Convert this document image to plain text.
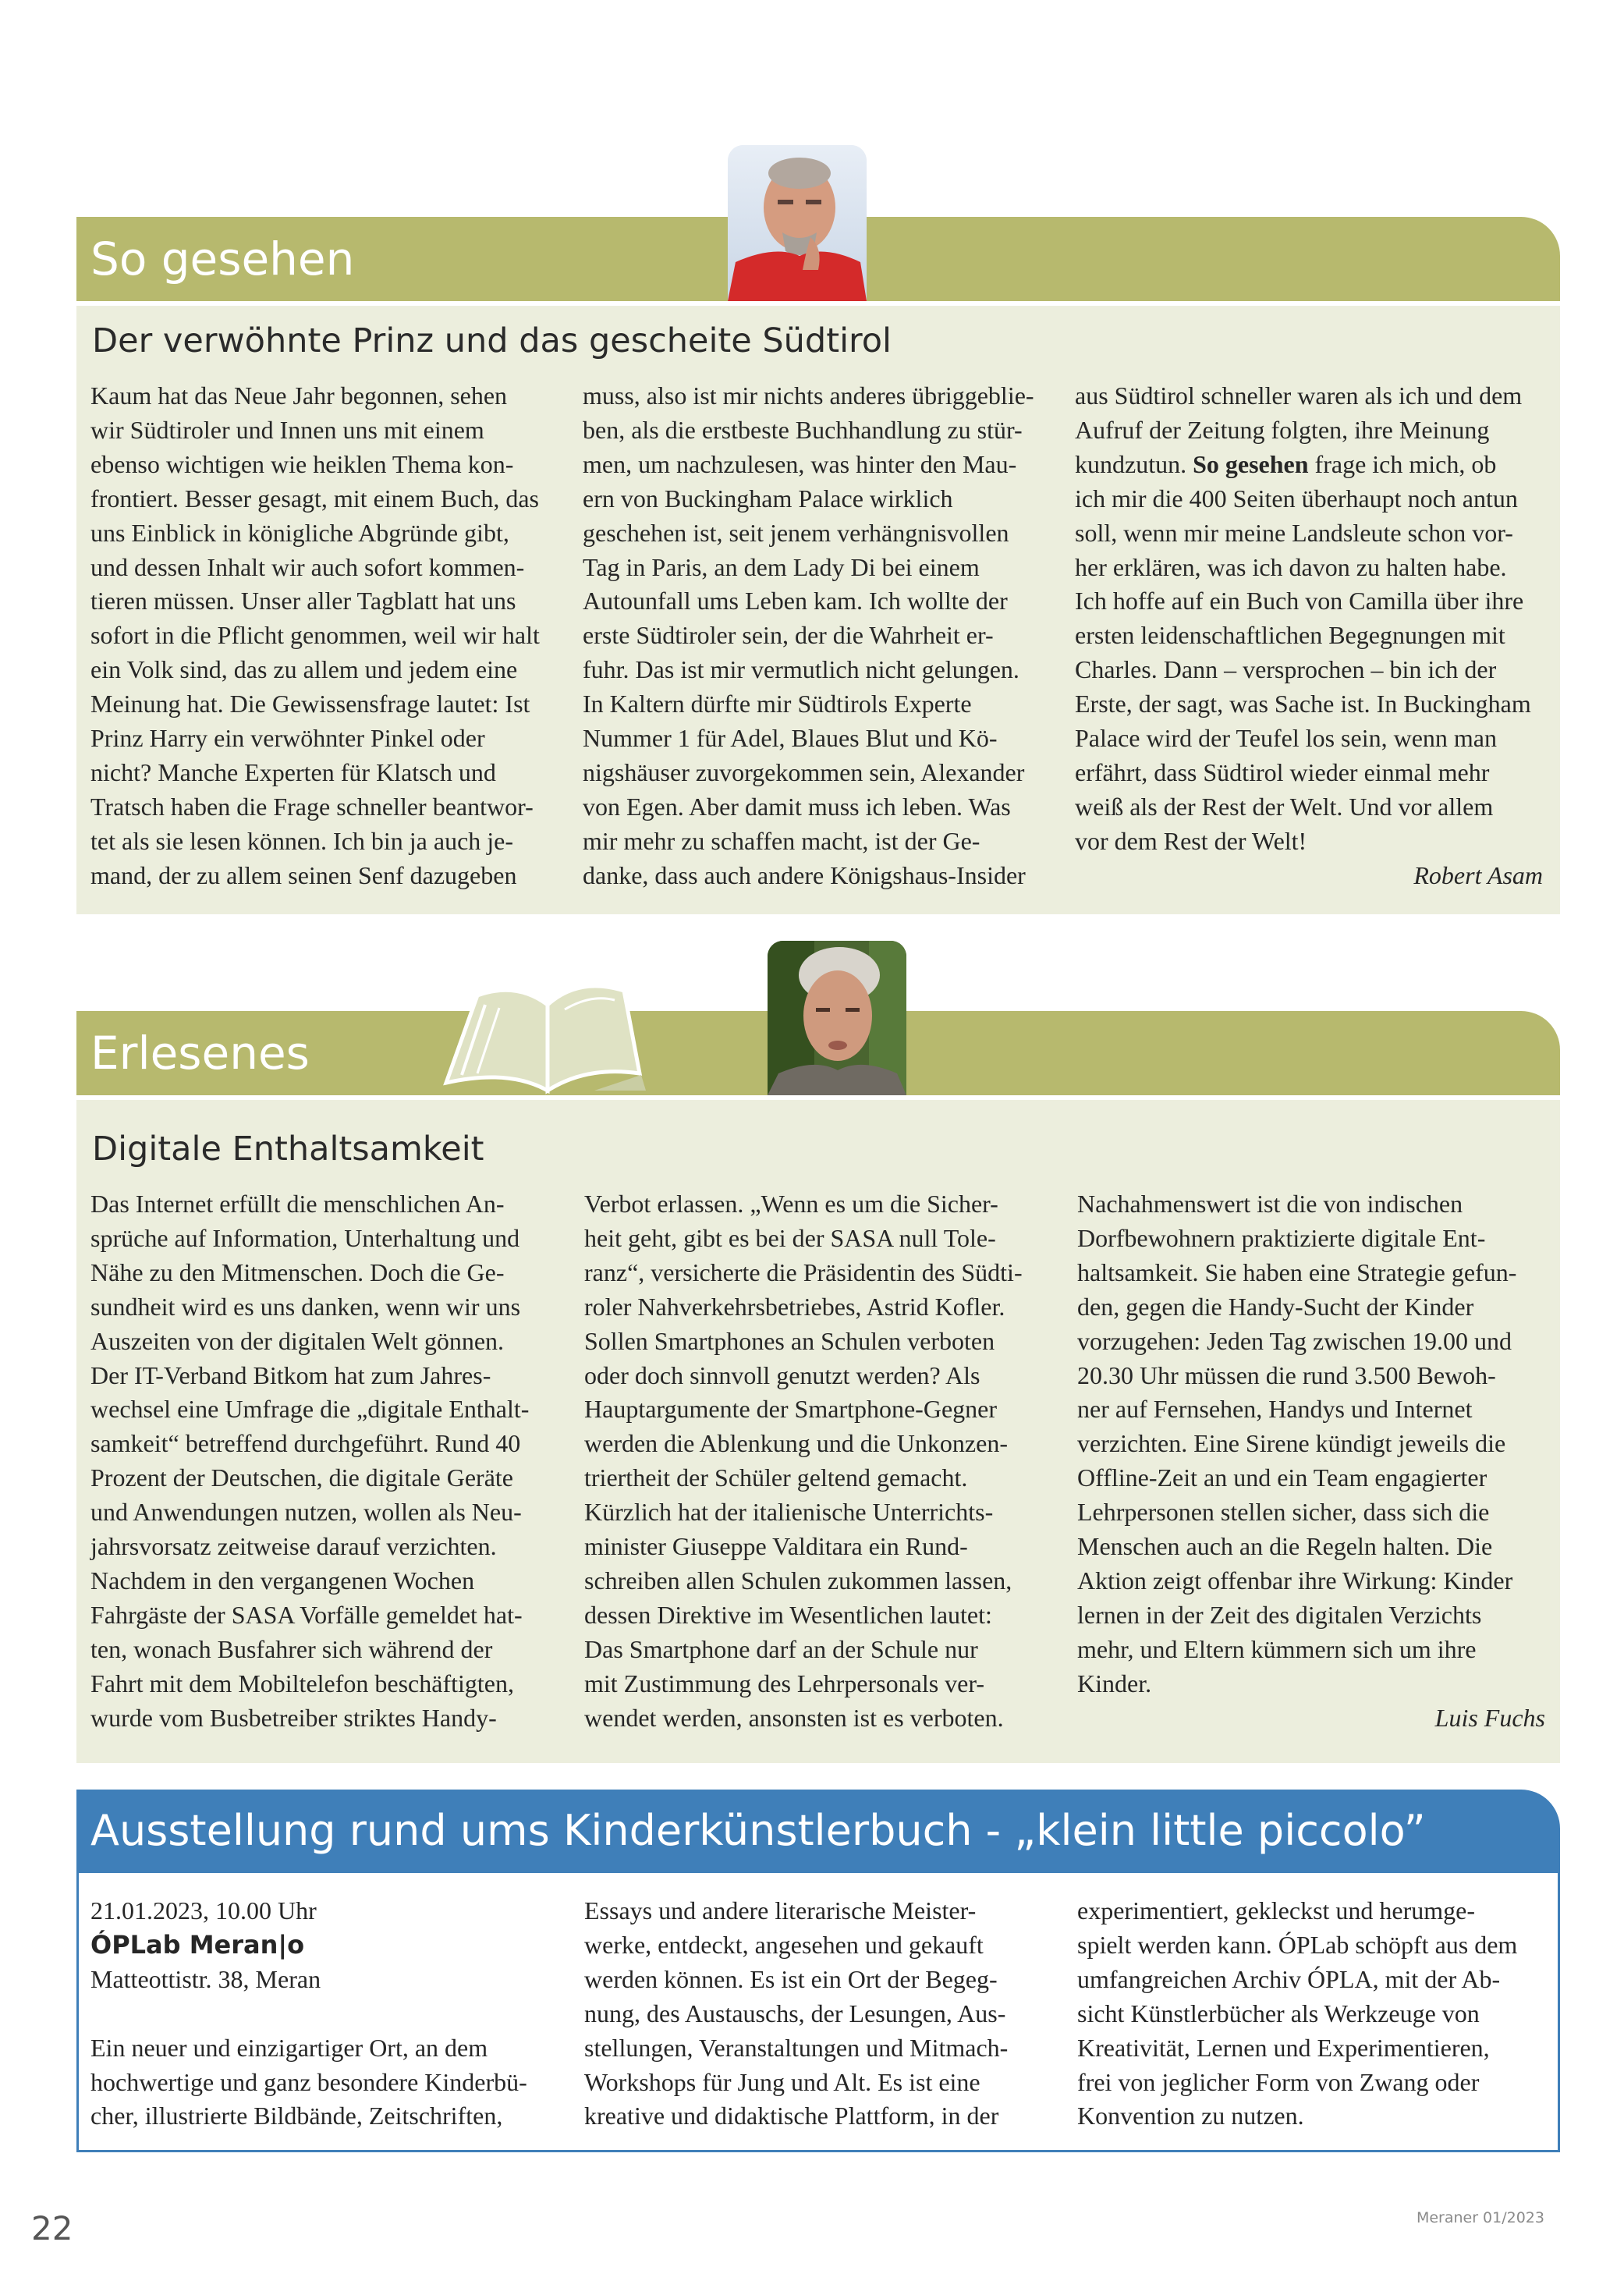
So gesehen
Der verwöhnte Prinz und das gescheite Südtirol
Kaum hat das Neue Jahr begonnen, sehen
wir Südtiroler und Innen uns mit einem
ebenso wichtigen wie heiklen Thema kon-
frontiert. Besser gesagt, mit einem Buch, das
uns Einblick in königliche Abgründe gibt,
und dessen Inhalt wir auch sofort kommen-
tieren müssen. Unser aller Tagblatt hat uns
sofort in die Pflicht genommen, weil wir halt
ein Volk sind, das zu allem und jedem eine
Meinung hat. Die Gewissensfrage lautet: Ist
Prinz Harry ein verwöhnter Pinkel oder
nicht? Manche Experten für Klatsch und
Tratsch haben die Frage schneller beantwor-
tet als sie lesen können. Ich bin ja auch je-
mand, der zu allem seinen Senf dazugeben
muss, also ist mir nichts anderes übriggeblie-
ben, als die erstbeste Buchhandlung zu stür-
men, um nachzulesen, was hinter den Mau-
ern von Buckingham Palace wirklich
geschehen ist, seit jenem verhängnisvollen
Tag in Paris, an dem Lady Di bei einem
Autounfall ums Leben kam. Ich wollte der
erste Südtiroler sein, der die Wahrheit er-
fuhr. Das ist mir vermutlich nicht gelungen.
In Kaltern dürfte mir Südtirols Experte
Nummer 1 für Adel, Blaues Blut und Kö-
nigshäuser zuvorgekommen sein, Alexander
von Egen. Aber damit muss ich leben. Was
mir mehr zu schaffen macht, ist der Ge-
danke, dass auch andere Königshaus-Insider
aus Südtirol schneller waren als ich und dem
Aufruf der Zeitung folgten, ihre Meinung
kundzutun. So gesehen frage ich mich, ob
ich mir die 400 Seiten überhaupt noch antun
soll, wenn mir meine Landsleute schon vor-
her erklären, was ich davon zu halten habe.
Ich hoffe auf ein Buch von Camilla über ihre
ersten leidenschaftlichen Begegnungen mit
Charles. Dann – versprochen – bin ich der
Erste, der sagt, was Sache ist. In Buckingham
Palace wird der Teufel los sein, wenn man
erfährt, dass Südtirol wieder einmal mehr
weiß als der Rest der Welt. Und vor allem
vor dem Rest der Welt!
Robert Asam
Erlesenes
Digitale Enthaltsamkeit
Das Internet erfüllt die menschlichen An-
sprüche auf Information, Unterhaltung und
Nähe zu den Mitmenschen. Doch die Ge-
sundheit wird es uns danken, wenn wir uns
Auszeiten von der digitalen Welt gönnen.
Der IT-Verband Bitkom hat zum Jahres-
wechsel eine Umfrage die „digitale Enthalt-
samkeit“ betreffend durchgeführt. Rund 40
Prozent der Deutschen, die digitale Geräte
und Anwendungen nutzen, wollen als Neu-
jahrsvorsatz zeitweise darauf verzichten.
Nachdem in den vergangenen Wochen
Fahrgäste der SASA Vorfälle gemeldet hat-
ten, wonach Busfahrer sich während der
Fahrt mit dem Mobiltelefon beschäftigten,
wurde vom Busbetreiber striktes Handy-
Verbot erlassen. „Wenn es um die Sicher-
heit geht, gibt es bei der SASA null Tole-
ranz“, versicherte die Präsidentin des Südti-
roler Nahverkehrsbetriebes, Astrid Kofler.
Sollen Smartphones an Schulen verboten
oder doch sinnvoll genutzt werden? Als
Hauptargumente der Smartphone-Gegner
werden die Ablenkung und die Unkonzen-
triertheit der Schüler geltend gemacht.
Kürzlich hat der italienische Unterrichts-
minister Giuseppe Valditara ein Rund-
schreiben allen Schulen zukommen lassen,
dessen Direktive im Wesentlichen lautet:
Das Smartphone darf an der Schule nur
mit Zustimmung des Lehrpersonals ver-
wendet werden, ansonsten ist es verboten.
Nachahmenswert ist die von indischen
Dorfbewohnern praktizierte digitale Ent-
haltsamkeit. Sie haben eine Strategie gefun-
den, gegen die Handy-Sucht der Kinder
vorzugehen: Jeden Tag zwischen 19.00 und
20.30 Uhr müssen die rund 3.500 Bewoh-
ner auf Fernsehen, Handys und Internet
verzichten. Eine Sirene kündigt jeweils die
Offline-Zeit an und ein Team engagierter
Lehrpersonen stellen sicher, dass sich die
Menschen auch an die Regeln halten. Die
Aktion zeigt offenbar ihre Wirkung: Kinder
lernen in der Zeit des digitalen Verzichts
mehr, und Eltern kümmern sich um ihre
Kinder.
Luis Fuchs
Ausstellung rund ums Kinderkünstlerbuch - „klein little piccolo”
21.01.2023, 10.00 Uhr
ÓPLab Meran|o
Matteottistr. 38, Meran
Ein neuer und einzigartiger Ort, an dem
hochwertige und ganz besondere Kinderbü-
cher, illustrierte Bildbände, Zeitschriften,
Essays und andere literarische Meister-
werke, entdeckt, angesehen und gekauft
werden können. Es ist ein Ort der Begeg-
nung, des Austauschs, der Lesungen, Aus-
stellungen, Veranstaltungen und Mitmach-
Workshops für Jung und Alt. Es ist eine
kreative und didaktische Plattform, in der
experimentiert, gekleckst und herumge-
spielt werden kann. ÓPLab schöpft aus dem
umfangreichen Archiv ÓPLA, mit der Ab-
sicht Künstlerbücher als Werkzeuge von
Kreativität, Lernen und Experimentieren,
frei von jeglicher Form von Zwang oder
Konvention zu nutzen.
22	Meraner 01/2023
